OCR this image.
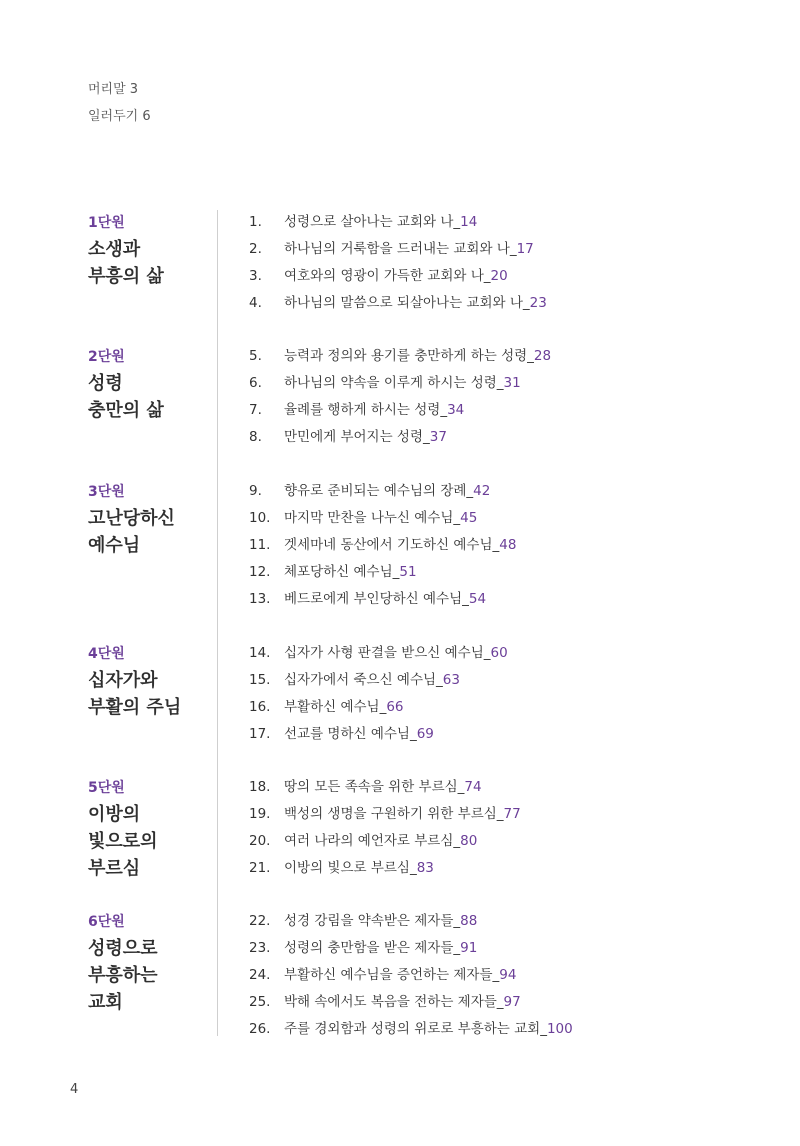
머리말 3
일러두기 6
1단원
소생과
부흥의 삶
1. 성령으로 살아나는 교회와 나_14
2. 하나님의 거룩함을 드러내는 교회와 나_17
3. 여호와의 영광이 가득한 교회와 나_20
4. 하나님의 말씀으로 되살아나는 교회와 나_23
2단원
성령
충만의 삶
5. 능력과 정의와 용기를 충만하게 하는 성령_28
6. 하나님의 약속을 이루게 하시는 성령_31
7. 율례를 행하게 하시는 성령_34
8. 만민에게 부어지는 성령_37
3단원
고난당하신
예수님
9. 향유로 준비되는 예수님의 장례_42
10. 마지막 만찬을 나누신 예수님_45
11. 겟세마네 동산에서 기도하신 예수님_48
12. 체포당하신 예수님_51
13. 베드로에게 부인당하신 예수님_54
4단원
십자가와
부활의 주님
14. 십자가 사형 판결을 받으신 예수님_60
15. 십자가에서 죽으신 예수님_63
16. 부활하신 예수님_66
17. 선교를 명하신 예수님_69
5단원
이방의
빛으로의
부르심
18. 땅의 모든 족속을 위한 부르심_74
19. 백성의 생명을 구원하기 위한 부르심_77
20. 여러 나라의 예언자로 부르심_80
21. 이방의 빛으로 부르심_83
6단원
성령으로
부흥하는
교회
22. 성경 강림을 약속받은 제자들_88
23. 성령의 충만함을 받은 제자들_91
24. 부활하신 예수님을 증언하는 제자들_94
25. 박해 속에서도 복음을 전하는 제자들_97
26. 주를 경외함과 성령의 위로로 부흥하는 교회_100
4
